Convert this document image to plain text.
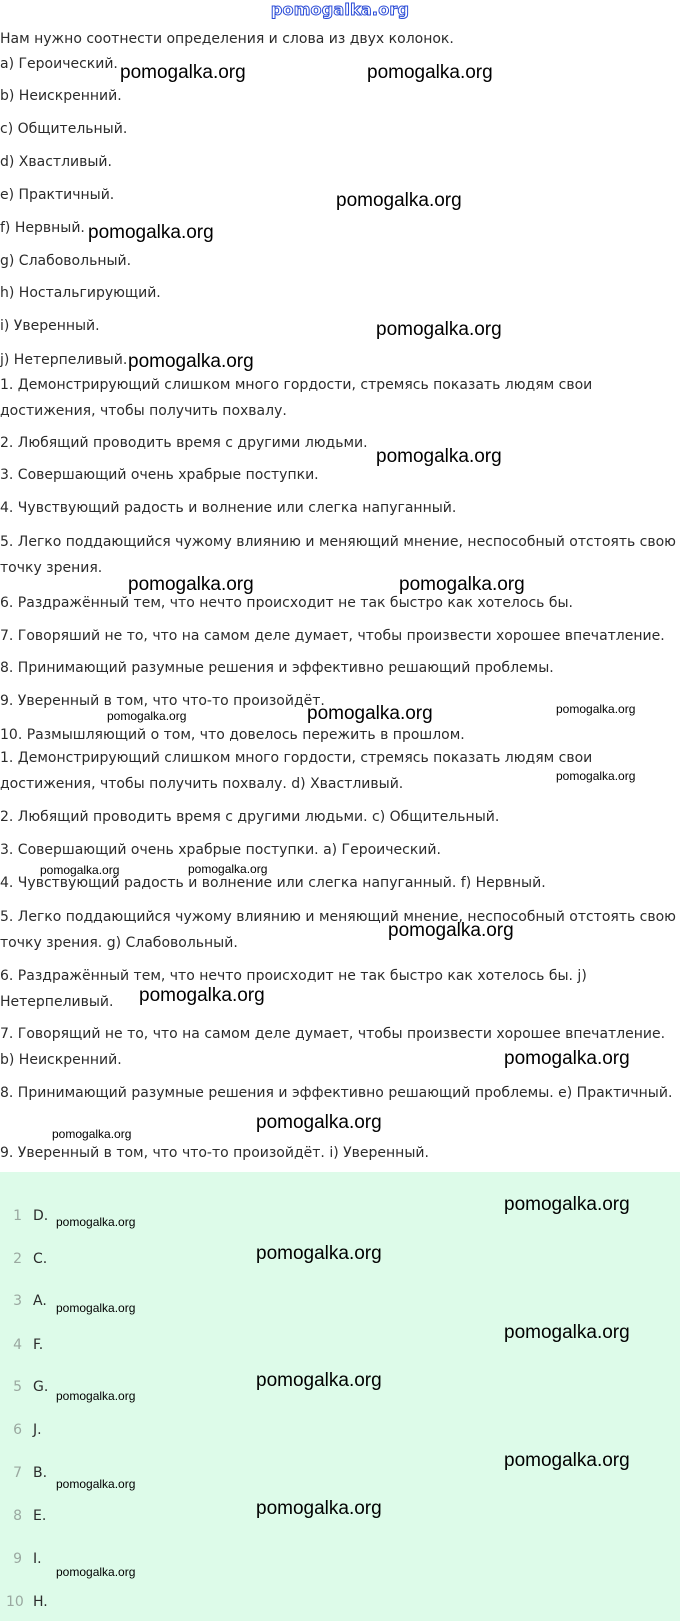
pomogalka.org
Нам нужно соотнести определения и слова из двух колонок.
a) Героический.
b) Неискренний.
c) Общительный.
d) Хвастливый.
e) Практичный.
f) Нервный.
g) Слабовольный.
h) Ностальгирующий.
i) Уверенный.
j) Нетерпеливый.
1. Демонстрирующий слишком много гордости, стремясь показать людям свои достижения, чтобы получить похвалу.
2. Любящий проводить время с другими людьми.
3. Совершающий очень храбрые поступки.
4. Чувствующий радость и волнение или слегка напуганный.
5. Легко поддающийся чужому влиянию и меняющий мнение, неспособный отстоять свою точку зрения.
6. Раздражённый тем, что нечто происходит не так быстро как хотелось бы.
7. Говоряший не то, что на самом деле думает, чтобы произвести хорошее впечатление.
8. Принимающий разумные решения и эффективно решающий проблемы.
9. Уверенный в том, что что-то произойдёт.
10. Размышляющий о том, что довелось пережить в прошлом.
1. Демонстрирующий слишком много гордости, стремясь показать людям свои достижения, чтобы получить похвалу. d) Хвастливый.
2. Любящий проводить время с другими людьми. c) Общительный.
3. Совершающий очень храбрые поступки. a) Героический.
4. Чувствующий радость и волнение или слегка напуганный. f) Нервный.
5. Легко поддающийся чужому влиянию и меняющий мнение, неспособный отстоять свою точку зрения. g) Слабовольный.
6. Раздражённый тем, что нечто происходит не так быстро как хотелось бы. j) Нетерпеливый.
7. Говорящий не то, что на самом деле думает, чтобы произвести хорошее впечатление. b) Неискренний.
8. Принимающий разумные решения и эффективно решающий проблемы. e) Практичный.
9. Уверенный в том, что что-то произойдёт. i) Уверенный.
1 D.
2 C.
3 A.
4 F.
5 G.
6 J.
7 B.
8 E.
9 I.
10 H.
pomogalka.org	pomogalka.org
pomogalka.org
pomogalka.org
pomogalka.org
pomogalka.org
pomogalka.org
pomogalka.org	pomogalka.org
pomogalka.org	pomogalka.org	pomogalka.org
pomogalka.org
pomogalka.org	pomogalka.org
pomogalka.org
pomogalka.org
pomogalka.org
pomogalka.org
pomogalka.org
pomogalka.org
pomogalka.org
pomogalka.org
pomogalka.org
pomogalka.org
pomogalka.org
pomogalka.org
pomogalka.org
pomogalka.org
pomogalka.org
pomogalka.org
